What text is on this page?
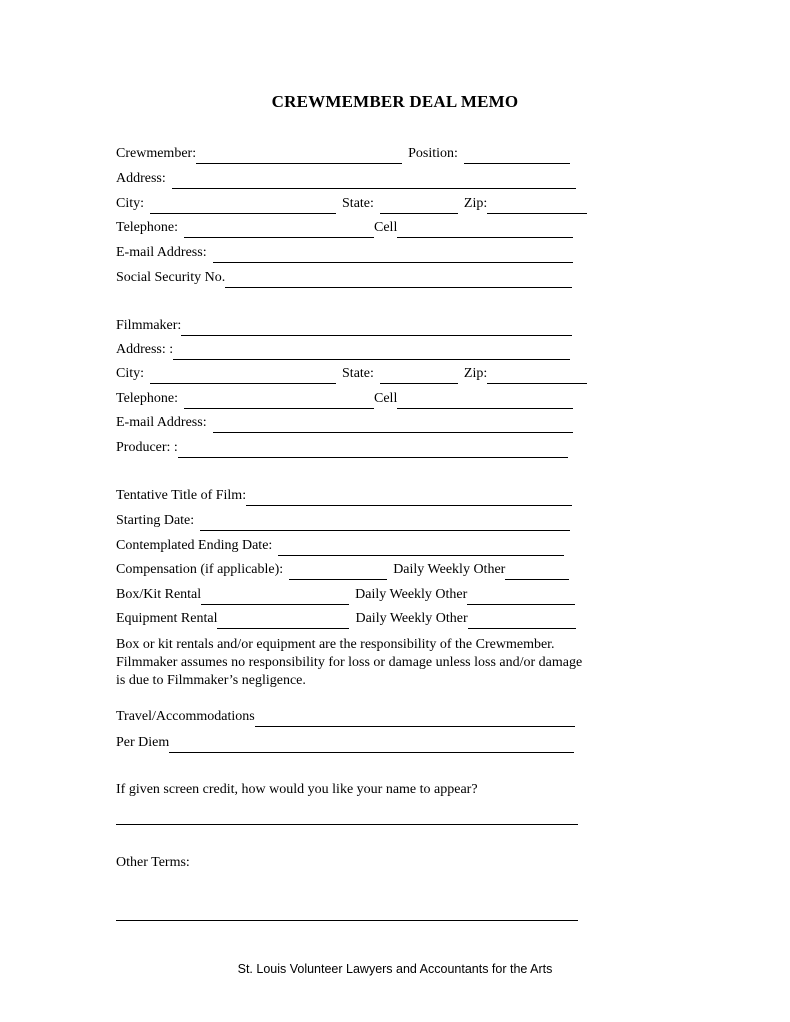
CREWMEMBER DEAL MEMO
Crewmember:	Position:
Address:
City:	State:	Zip:
Telephone:	Cell
E-mail Address:
Social Security No.
Filmmaker:
Address: :
City:	State:	Zip:
Telephone:	Cell
E-mail Address:
Producer: :
Tentative Title of Film:
Starting Date:
Contemplated Ending Date:
Compensation (if applicable):	Daily Weekly Other
Box/Kit Rental	Daily Weekly Other
Equipment Rental	Daily Weekly Other
Box or kit rentals and/or equipment are the responsibility of the Crewmember. Filmmaker assumes no responsibility for loss or damage unless loss and/or damage is due to Filmmaker’s negligence.
Travel/Accommodations
Per Diem
If given screen credit, how would you like your name to appear?
Other Terms:
St. Louis Volunteer Lawyers and Accountants for the Arts
